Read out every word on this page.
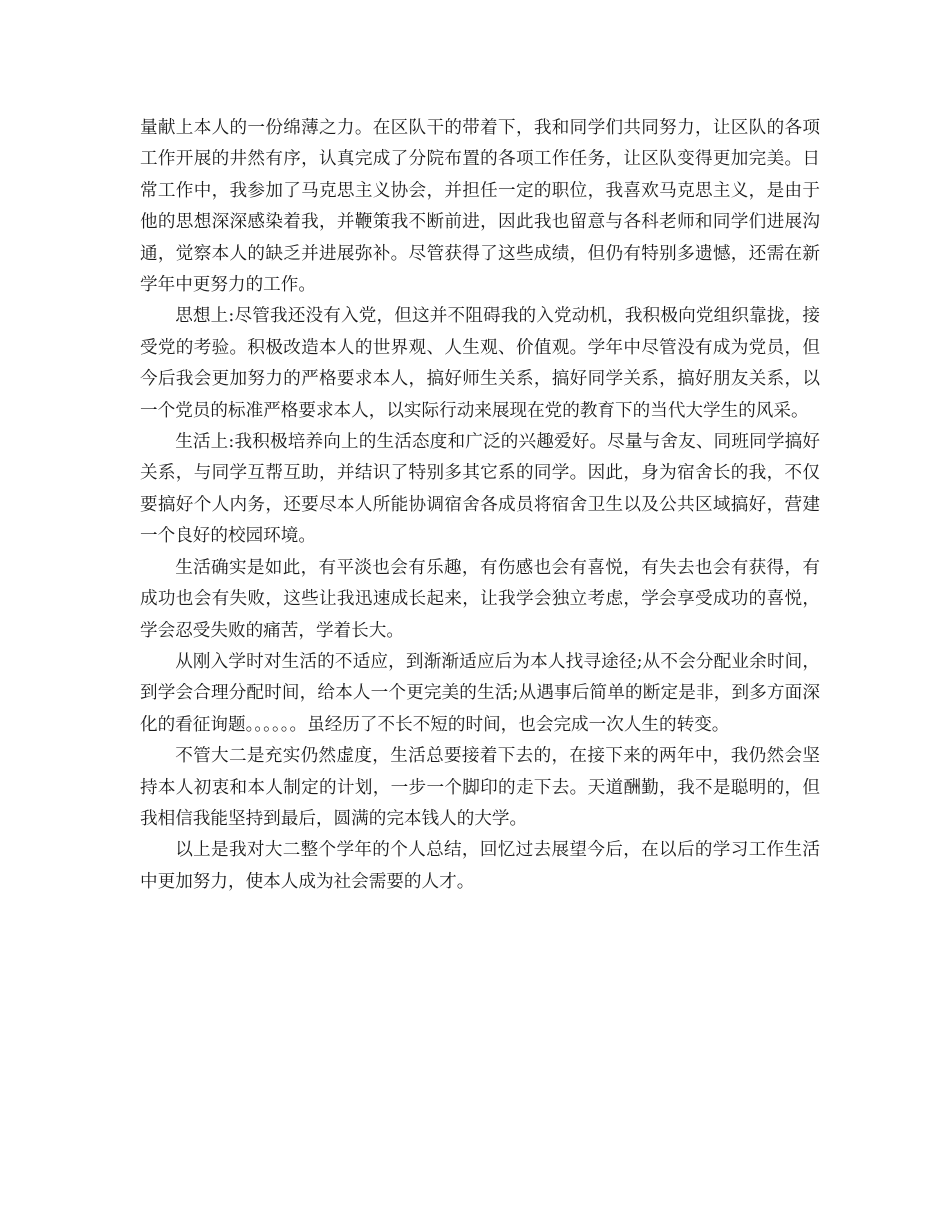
量献上本人的一份绵薄之力。在区队干的带着下，我和同学们共同努力，让区队的各项工作开展的井然有序，认真完成了分院布置的各项工作任务，让区队变得更加完美。日常工作中，我参加了马克思主义协会，并担任一定的职位，我喜欢马克思主义，是由于他的思想深深感染着我，并鞭策我不断前进，因此我也留意与各科老师和同学们进展沟通，觉察本人的缺乏并进展弥补。尽管获得了这些成绩，但仍有特别多遗憾，还需在新学年中更努力的工作。

思想上:尽管我还没有入党，但这并不阻碍我的入党动机，我积极向党组织靠拢，接受党的考验。积极改造本人的世界观、人生观、价值观。学年中尽管没有成为党员，但今后我会更加努力的严格要求本人，搞好师生关系，搞好同学关系，搞好朋友关系，以一个党员的标准严格要求本人，以实际行动来展现在党的教育下的当代大学生的风采。

生活上:我积极培养向上的生活态度和广泛的兴趣爱好。尽量与舍友、同班同学搞好关系，与同学互帮互助，并结识了特别多其它系的同学。因此，身为宿舍长的我，不仅要搞好个人内务，还要尽本人所能协调宿舍各成员将宿舍卫生以及公共区域搞好，营建一个良好的校园环境。

生活确实是如此，有平淡也会有乐趣，有伤感也会有喜悦，有失去也会有获得，有成功也会有失败，这些让我迅速成长起来，让我学会独立考虑，学会享受成功的喜悦，学会忍受失败的痛苦，学着长大。

从刚入学时对生活的不适应，到渐渐适应后为本人找寻途径;从不会分配业余时间，到学会合理分配时间，给本人一个更完美的生活;从遇事后简单的断定是非，到多方面深化的看征询题。。。。。。虽经历了不长不短的时间，也会完成一次人生的转变。

不管大二是充实仍然虚度，生活总要接着下去的，在接下来的两年中，我仍然会坚持本人初衷和本人制定的计划，一步一个脚印的走下去。天道酬勤，我不是聪明的，但我相信我能坚持到最后，圆满的完本钱人的大学。

以上是我对大二整个学年的个人总结，回忆过去展望今后，在以后的学习工作生活中更加努力，使本人成为社会需要的人才。
